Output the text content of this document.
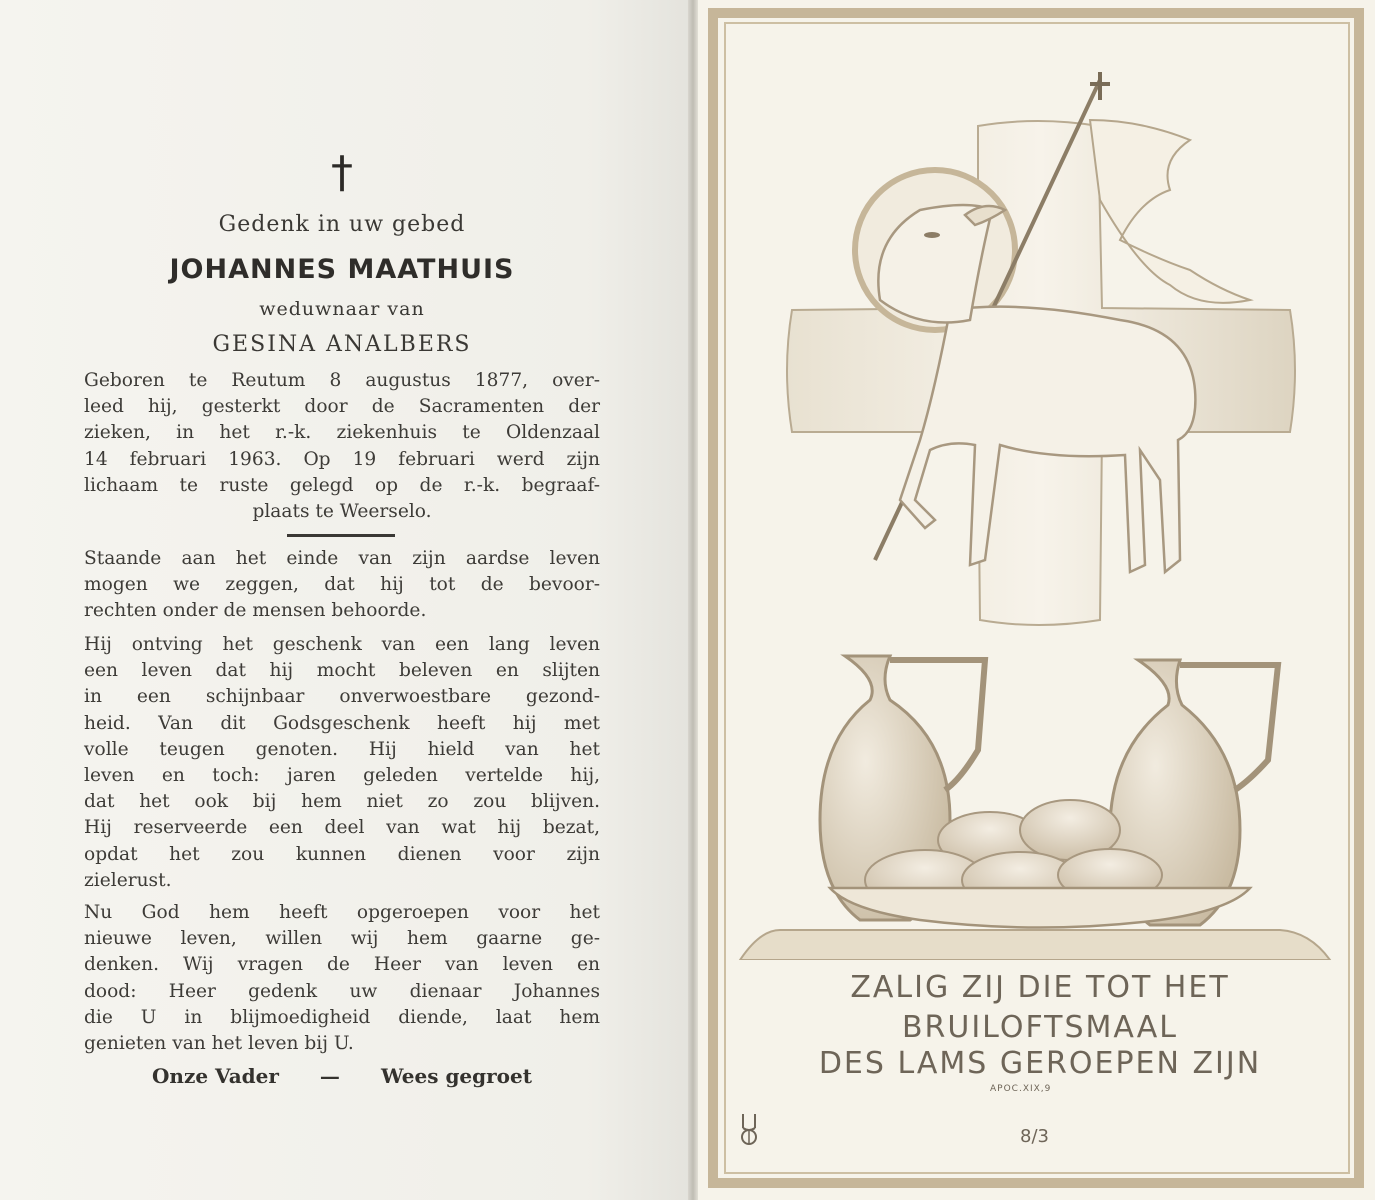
†
Gedenk in uw gebed
JOHANNES MAATHUIS
weduwnaar van
GESINA ANALBERS
Geboren te Reutum 8 augustus 1877, over-
leed hij, gesterkt door de Sacramenten der
zieken, in het r.-k. ziekenhuis te Oldenzaal
14 februari 1963. Op 19 februari werd zijn
lichaam te ruste gelegd op de r.-k. begraaf-
plaats te Weerselo.
Staande aan het einde van zijn aardse leven
mogen we zeggen, dat hij tot de bevoor-
rechten onder de mensen behoorde.
Hij ontving het geschenk van een lang leven
een leven dat hij mocht beleven en slijten
in een schijnbaar onverwoestbare gezond-
heid. Van dit Godsgeschenk heeft hij met
volle teugen genoten. Hij hield van het
leven en toch: jaren geleden vertelde hij,
dat het ook bij hem niet zo zou blijven.
Hij reserveerde een deel van wat hij bezat,
opdat het zou kunnen dienen voor zijn
zielerust.
Nu God hem heeft opgeroepen voor het
nieuwe leven, willen wij hem gaarne ge-
denken. Wij vragen de Heer van leven en
dood: Heer gedenk uw dienaar Johannes
die U in blijmoedigheid diende, laat hem
genieten van het leven bij U.
Onze Vader — Wees gegroet
ZALIG ZIJ DIE TOT HET
BRUILOFTSMAAL
DES LAMS GEROEPEN ZIJN
APOC.XIX,9
8/3
